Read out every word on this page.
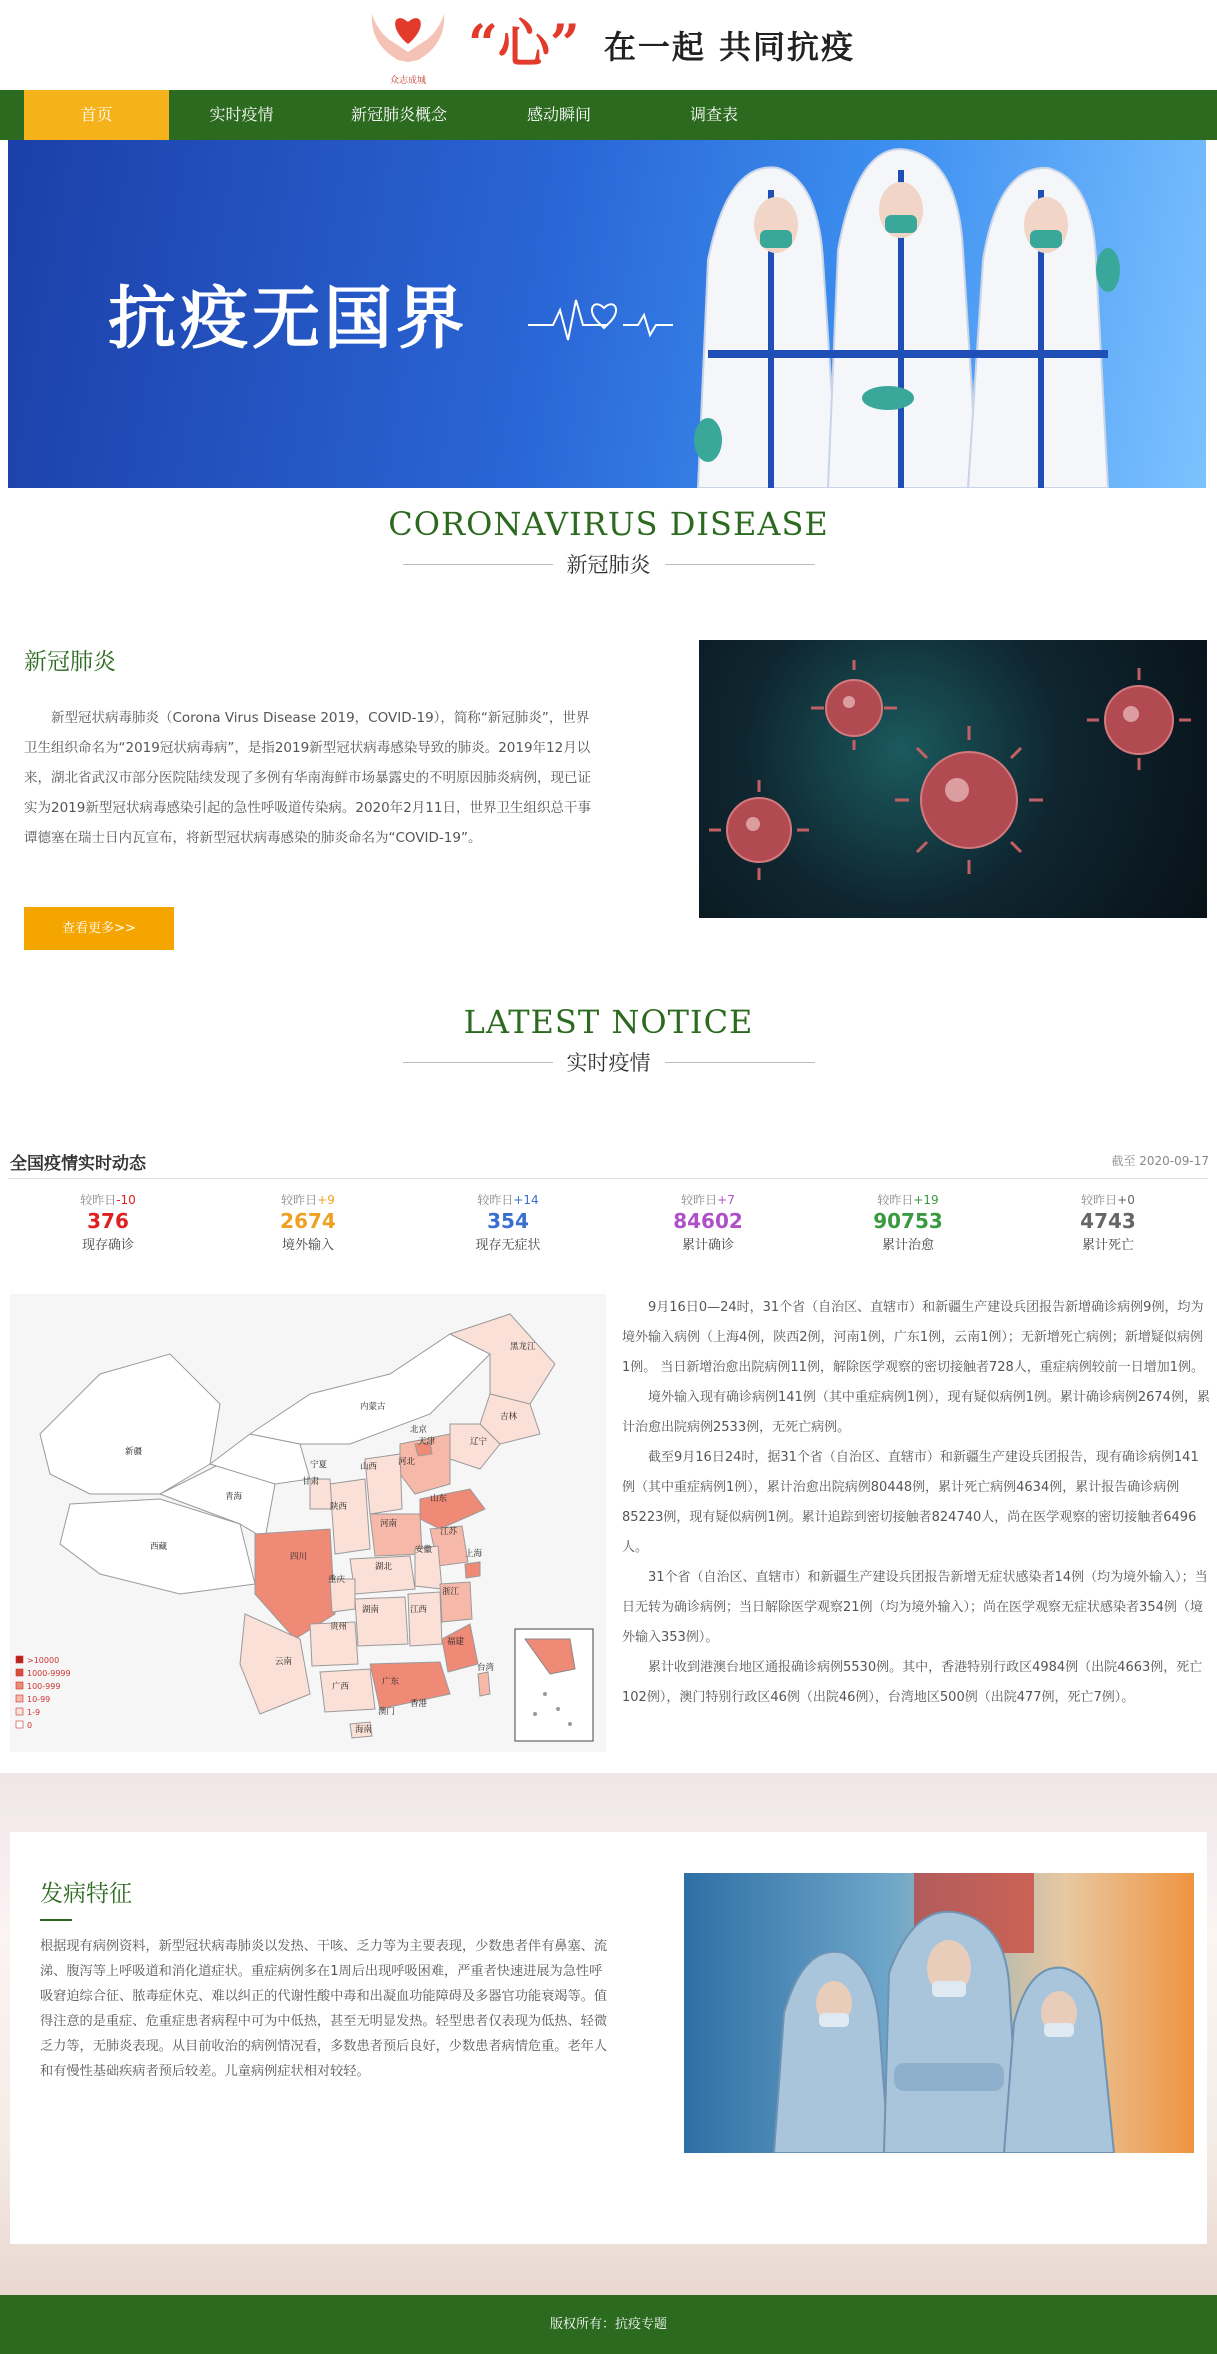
众志成城
“心” 在一起 共同抗疫
首页	实时疫情	新冠肺炎概念	感动瞬间	调查表
抗疫无国界
CORONAVIRUS DISEASE
新冠肺炎
新冠肺炎
新型冠状病毒肺炎（Corona Virus Disease 2019，COVID-19），简称“新冠肺炎”，世界卫生组织命名为“2019冠状病毒病”，是指2019新型冠状病毒感染导致的肺炎。2019年12月以来，湖北省武汉市部分医院陆续发现了多例有华南海鲜市场暴露史的不明原因肺炎病例，现已证实为2019新型冠状病毒感染引起的急性呼吸道传染病。2020年2月11日，世界卫生组织总干事谭德塞在瑞士日内瓦宣布，将新型冠状病毒感染的肺炎命名为“COVID-19”。
查看更多>>
LATEST NOTICE
实时疫情
全国疫情实时动态	截至 2020-09-17
较昨日-10
376
现存确诊
较昨日+9
2674
境外输入
较昨日+14
354
现存无症状
较昨日+7
84602
累计确诊
较昨日+19
90753
累计治愈
较昨日+0
4743
累计死亡
>10000
1000-9999
100-999
10-99
1-9
0
黑龙江
吉林
辽宁
内蒙古
北京
天津
新疆
宁夏	山西 河北
甘肃
青海
陕西
山东
河南
江苏
西藏
四川
湖北
安徽	上海
重庆
浙江
湖南	江西
贵州
福建
云南
广西	广东
台湾
香港
澳门
海南

9月16日0—24时，31个省（自治区、直辖市）和新疆生产建设兵团报告新增确诊病例9例，均为境外输入病例（上海4例，陕西2例，河南1例，广东1例，云南1例）；无新增死亡病例；新增疑似病例1例。 当日新增治愈出院病例11例，解除医学观察的密切接触者728人，重症病例较前一日增加1例。

境外输入现有确诊病例141例（其中重症病例1例），现有疑似病例1例。累计确诊病例2674例，累计治愈出院病例2533例，无死亡病例。

截至9月16日24时，据31个省（自治区、直辖市）和新疆生产建设兵团报告，现有确诊病例141例（其中重症病例1例），累计治愈出院病例80448例，累计死亡病例4634例，累计报告确诊病例85223例，现有疑似病例1例。累计追踪到密切接触者824740人，尚在医学观察的密切接触者6496人。

31个省（自治区、直辖市）和新疆生产建设兵团报告新增无症状感染者14例（均为境外输入）；当日无转为确诊病例；当日解除医学观察21例（均为境外输入）；尚在医学观察无症状感染者354例（境外输入353例）。

累计收到港澳台地区通报确诊病例5530例。其中，香港特别行政区4984例（出院4663例，死亡102例），澳门特别行政区46例（出院46例），台湾地区500例（出院477例，死亡7例）。

发病特征
根据现有病例资料，新型冠状病毒肺炎以发热、干咳、乏力等为主要表现，少数患者伴有鼻塞、流涕、腹泻等上呼吸道和消化道症状。重症病例多在1周后出现呼吸困难，严重者快速进展为急性呼吸窘迫综合征、脓毒症休克、难以纠正的代谢性酸中毒和出凝血功能障碍及多器官功能衰竭等。值得注意的是重症、危重症患者病程中可为中低热，甚至无明显发热。轻型患者仅表现为低热、轻微乏力等，无肺炎表现。从目前收治的病例情况看，多数患者预后良好，少数患者病情危重。老年人和有慢性基础疾病者预后较差。儿童病例症状相对较轻。
版权所有：抗疫专题
